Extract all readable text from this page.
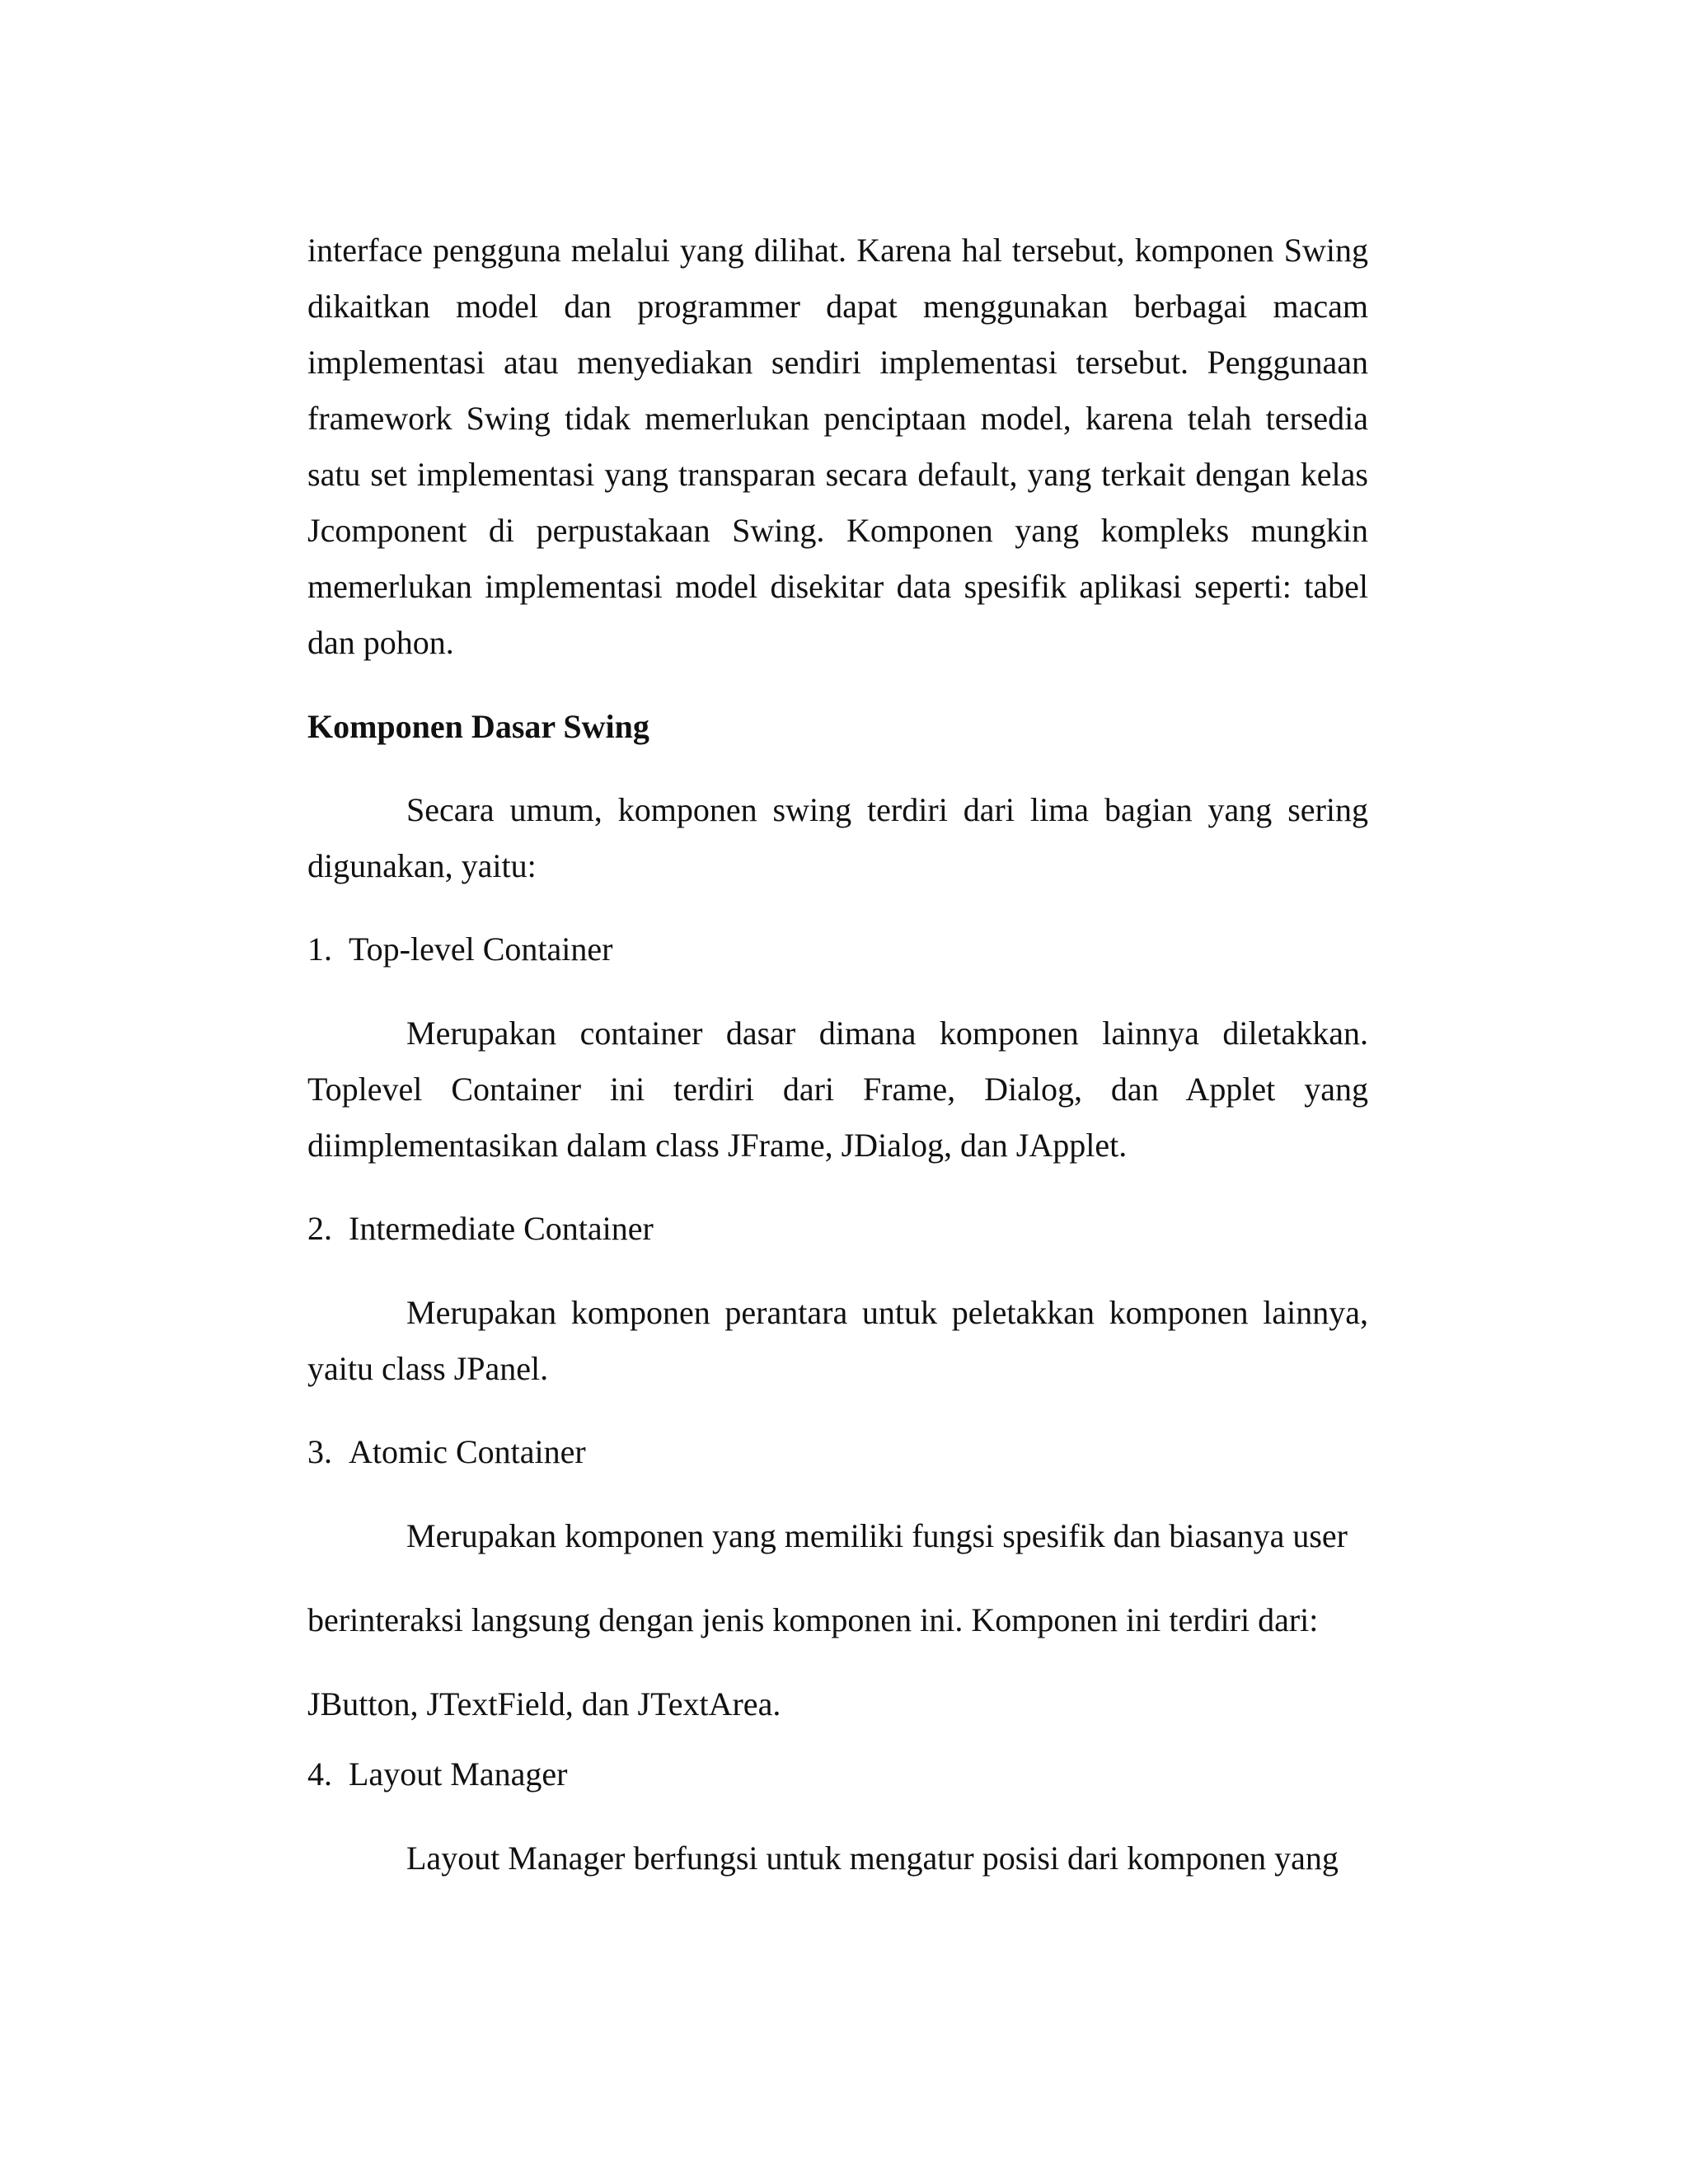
interface pengguna melalui yang dilihat. Karena hal tersebut, komponen Swing dikaitkan model dan programmer dapat menggunakan berbagai macam implementasi atau menyediakan sendiri implementasi tersebut. Penggunaan framework Swing tidak memerlukan penciptaan model, karena telah tersedia satu set implementasi yang transparan secara default, yang terkait dengan kelas Jcomponent di perpustakaan Swing. Komponen yang kompleks mungkin memerlukan implementasi model disekitar data spesifik aplikasi seperti: tabel dan pohon.

Komponen Dasar Swing

Secara umum, komponen swing terdiri dari lima bagian yang sering digunakan, yaitu:

1. Top-level Container

Merupakan container dasar dimana komponen lainnya diletakkan. Toplevel Container ini terdiri dari Frame, Dialog, dan Applet yang diimplementasikan dalam class JFrame, JDialog, dan JApplet.

2. Intermediate Container

Merupakan komponen perantara untuk peletakkan komponen lainnya, yaitu class JPanel.

3. Atomic Container
Merupakan komponen yang memiliki fungsi spesifik dan biasanya user
berinteraksi langsung dengan jenis komponen ini. Komponen ini terdiri dari:
JButton, JTextField, dan JTextArea.
4. Layout Manager

Layout Manager berfungsi untuk mengatur posisi dari komponen yang
